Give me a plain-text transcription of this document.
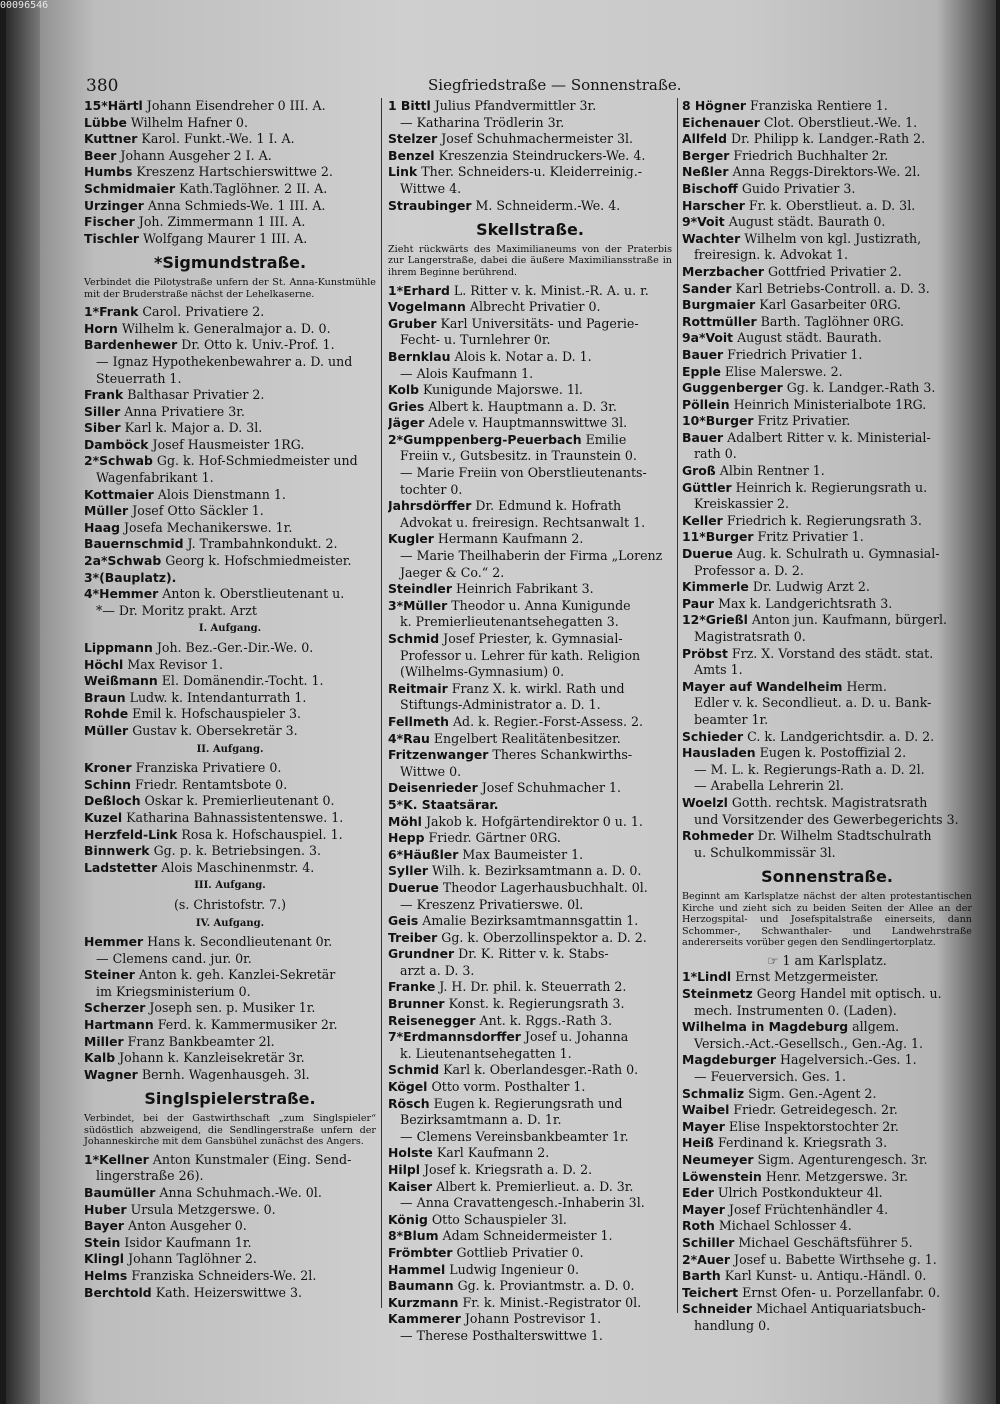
00096546
380	Siegfriedstraße — Sonnenstraße.
15*Härtl Johann Eisendreher 0 III. A.
Lübbe Wilhelm Hafner 0.
Kuttner Karol. Funkt.-We. 1 I. A.
Beer Johann Ausgeher 2 I. A.
Humbs Kreszenz Hartschierswittwe 2.
Schmidmaier Kath.Taglöhner. 2 II. A.
Urzinger Anna Schmieds-We. 1 III. A.
Fischer Joh. Zimmermann 1 III. A.
Tischler Wolfgang Maurer 1 III. A.
*Sigmundstraße.
Verbindet die Pilotystraße unfern der St. Anna-Kunstmühle mit der Bruderstraße nächst der Lehelkaserne.
1*Frank Carol. Privatiere 2.
Horn Wilhelm k. Generalmajor a. D. 0.
Bardenhewer Dr. Otto k. Univ.-Prof. 1.
— Ignaz Hypothekenbewahrer a. D. und
Steuerrath 1.
Frank Balthasar Privatier 2.
Siller Anna Privatiere 3r.
Siber Karl k. Major a. D. 3l.
Damböck Josef Hausmeister 1RG.
2*Schwab Gg. k. Hof-Schmiedmeister und
Wagenfabrikant 1.
Kottmaier Alois Dienstmann 1.
Müller Josef Otto Säckler 1.
Haag Josefa Mechanikerswe. 1r.
Bauernschmid J. Trambahnkondukt. 2.
2a*Schwab Georg k. Hofschmiedmeister.
3*(Bauplatz).
4*Hemmer Anton k. Oberstlieutenant u.
*— Dr. Moritz prakt. Arzt
I. Aufgang.
Lippmann Joh. Bez.-Ger.-Dir.-We. 0.
Höchl Max Revisor 1.
Weißmann El. Domänendir.-Tocht. 1.
Braun Ludw. k. Intendanturrath 1.
Rohde Emil k. Hofschauspieler 3.
Müller Gustav k. Obersekretär 3.
II. Aufgang.
Kroner Franziska Privatiere 0.
Schinn Friedr. Rentamtsbote 0.
Deßloch Oskar k. Premierlieutenant 0.
Kuzel Katharina Bahnassistentenswe. 1.
Herzfeld-Link Rosa k. Hofschauspiel. 1.
Binnwerk Gg. p. k. Betriebsingen. 3.
Ladstetter Alois Maschinenmstr. 4.
III. Aufgang.
(s. Christofstr. 7.)
IV. Aufgang.
Hemmer Hans k. Secondlieutenant 0r.
— Clemens cand. jur. 0r.
Steiner Anton k. geh. Kanzlei-Sekretär
im Kriegsministerium 0.
Scherzer Joseph sen. p. Musiker 1r.
Hartmann Ferd. k. Kammermusiker 2r.
Miller Franz Bankbeamter 2l.
Kalb Johann k. Kanzleisekretär 3r.
Wagner Bernh. Wagenhausgeh. 3l.
Singlspielerstraße.
Verbindet, bei der Gastwirthschaft „zum Singlspieler“ südöstlich abzweigend, die Sendlingerstraße unfern der Johanneskirche mit dem Gansbühel zunächst des Angers.
1*Kellner Anton Kunstmaler (Eing. Send-
lingerstraße 26).
Baumüller Anna Schuhmach.-We. 0l.
Huber Ursula Metzgerswe. 0.
Bayer Anton Ausgeher 0.
Stein Isidor Kaufmann 1r.
Klingl Johann Taglöhner 2.
Helms Franziska Schneiders-We. 2l.
Berchtold Kath. Heizerswittwe 3.
1 Bittl Julius Pfandvermittler 3r.
— Katharina Trödlerin 3r.
Stelzer Josef Schuhmachermeister 3l.
Benzel Kreszenzia Steindruckers-We. 4.
Link Ther. Schneiders-u. Kleiderreinig.-
Wittwe 4.
Straubinger M. Schneiderm.-We. 4.
Skellstraße.
Zieht rückwärts des Maximilianeums von der Praterbis zur Langerstraße, dabei die äußere Maximiliansstraße in ihrem Beginne berührend.
1*Erhard L. Ritter v. k. Minist.-R. A. u. r.
Vogelmann Albrecht Privatier 0.
Gruber Karl Universitäts- und Pagerie-
Fecht- u. Turnlehrer 0r.
Bernklau Alois k. Notar a. D. 1.
— Alois Kaufmann 1.
Kolb Kunigunde Majorswe. 1l.
Gries Albert k. Hauptmann a. D. 3r.
Jäger Adele v. Hauptmannswittwe 3l.
2*Gumppenberg-Peuerbach Emilie
Freiin v., Gutsbesitz. in Traunstein 0.
— Marie Freiin von Oberstlieutenants-
tochter 0.
Jahrsdörffer Dr. Edmund k. Hofrath
Advokat u. freiresign. Rechtsanwalt 1.
Kugler Hermann Kaufmann 2.
— Marie Theilhaberin der Firma „Lorenz
Jaeger & Co.“ 2.
Steindler Heinrich Fabrikant 3.
3*Müller Theodor u. Anna Kunigunde
k. Premierlieutenantsehegatten 3.
Schmid Josef Priester, k. Gymnasial-
Professor u. Lehrer für kath. Religion
(Wilhelms-Gymnasium) 0.
Reitmair Franz X. k. wirkl. Rath und
Stiftungs-Administrator a. D. 1.
Fellmeth Ad. k. Regier.-Forst-Assess. 2.
4*Rau Engelbert Realitätenbesitzer.
Fritzenwanger Theres Schankwirths-
Wittwe 0.
Deisenrieder Josef Schuhmacher 1.
5*K. Staatsärar.
Möhl Jakob k. Hofgärtendirektor 0 u. 1.
Hepp Friedr. Gärtner 0RG.
6*Häußler Max Baumeister 1.
Syller Wilh. k. Bezirksamtmann a. D. 0.
Duerue Theodor Lagerhausbuchhalt. 0l.
— Kreszenz Privatierswe. 0l.
Geis Amalie Bezirksamtmannsgattin 1.
Treiber Gg. k. Oberzollinspektor a. D. 2.
Grundner Dr. K. Ritter v. k. Stabs-
arzt a. D. 3.
Franke J. H. Dr. phil. k. Steuerrath 2.
Brunner Konst. k. Regierungsrath 3.
Reisenegger Ant. k. Rggs.-Rath 3.
7*Erdmannsdorffer Josef u. Johanna
k. Lieutenantsehegatten 1.
Schmid Karl k. Oberlandesger.-Rath 0.
Kögel Otto vorm. Posthalter 1.
Rösch Eugen k. Regierungsrath und
Bezirksamtmann a. D. 1r.
— Clemens Vereinsbankbeamter 1r.
Holste Karl Kaufmann 2.
Hilpl Josef k. Kriegsrath a. D. 2.
Kaiser Albert k. Premierlieut. a. D. 3r.
— Anna Cravattengesch.-Inhaberin 3l.
König Otto Schauspieler 3l.
8*Blum Adam Schneidermeister 1.
Frömbter Gottlieb Privatier 0.
Hammel Ludwig Ingenieur 0.
Baumann Gg. k. Proviantmstr. a. D. 0.
Kurzmann Fr. k. Minist.-Registrator 0l.
Kammerer Johann Postrevisor 1.
— Therese Posthalterswittwe 1.
8 Högner Franziska Rentiere 1.
Eichenauer Clot. Oberstlieut.-We. 1.
Allfeld Dr. Philipp k. Landger.-Rath 2.
Berger Friedrich Buchhalter 2r.
Neßler Anna Reggs-Direktors-We. 2l.
Bischoff Guido Privatier 3.
Harscher Fr. k. Oberstlieut. a. D. 3l.
9*Voit August städt. Baurath 0.
Wachter Wilhelm von kgl. Justizrath,
freiresign. k. Advokat 1.
Merzbacher Gottfried Privatier 2.
Sander Karl Betriebs-Controll. a. D. 3.
Burgmaier Karl Gasarbeiter 0RG.
Rottmüller Barth. Taglöhner 0RG.
9a*Voit August städt. Baurath.
Bauer Friedrich Privatier 1.
Epple Elise Malerswe. 2.
Guggenberger Gg. k. Landger.-Rath 3.
Pöllein Heinrich Ministerialbote 1RG.
10*Burger Fritz Privatier.
Bauer Adalbert Ritter v. k. Ministerial-
rath 0.
Groß Albin Rentner 1.
Güttler Heinrich k. Regierungsrath u.
Kreiskassier 2.
Keller Friedrich k. Regierungsrath 3.
11*Burger Fritz Privatier 1.
Duerue Aug. k. Schulrath u. Gymnasial-
Professor a. D. 2.
Kimmerle Dr. Ludwig Arzt 2.
Paur Max k. Landgerichtsrath 3.
12*Grießl Anton jun. Kaufmann, bürgerl.
Magistratsrath 0.
Pröbst Frz. X. Vorstand des städt. stat.
Amts 1.
Mayer auf Wandelheim Herm.
Edler v. k. Secondlieut. a. D. u. Bank-
beamter 1r.
Schieder C. k. Landgerichtsdir. a. D. 2.
Hausladen Eugen k. Postoffizial 2.
— M. L. k. Regierungs-Rath a. D. 2l.
— Arabella Lehrerin 2l.
Woelzl Gotth. rechtsk. Magistratsrath
und Vorsitzender des Gewerbegerichts 3.
Rohmeder Dr. Wilhelm Stadtschulrath
u. Schulkommissär 3l.
Sonnenstraße.
Beginnt am Karlsplatze nächst der alten protestantischen Kirche und zieht sich zu beiden Seiten der Allee an der Herzogspital- und Josefspitalstraße einerseits, dann Schommer-, Schwanthaler- und Landwehrstraße andererseits vorüber gegen den Sendlingertorplatz.
☞ 1 am Karlsplatz.
1*Lindl Ernst Metzgermeister.
Steinmetz Georg Handel mit optisch. u.
mech. Instrumenten 0. (Laden).
Wilhelma in Magdeburg allgem.
Versich.-Act.-Gesellsch., Gen.-Ag. 1.
Magdeburger Hagelversich.-Ges. 1.
— Feuerversich. Ges. 1.
Schmaliz Sigm. Gen.-Agent 2.
Waibel Friedr. Getreidegesch. 2r.
Mayer Elise Inspektorstochter 2r.
Heiß Ferdinand k. Kriegsrath 3.
Neumeyer Sigm. Agenturengesch. 3r.
Löwenstein Henr. Metzgerswe. 3r.
Eder Ulrich Postkondukteur 4l.
Mayer Josef Früchtenhändler 4.
Roth Michael Schlosser 4.
Schiller Michael Geschäftsführer 5.
2*Auer Josef u. Babette Wirthsehe g. 1.
Barth Karl Kunst- u. Antiqu.-Händl. 0.
Teichert Ernst Ofen- u. Porzellanfabr. 0.
Schneider Michael Antiquariatsbuch-
handlung 0.
